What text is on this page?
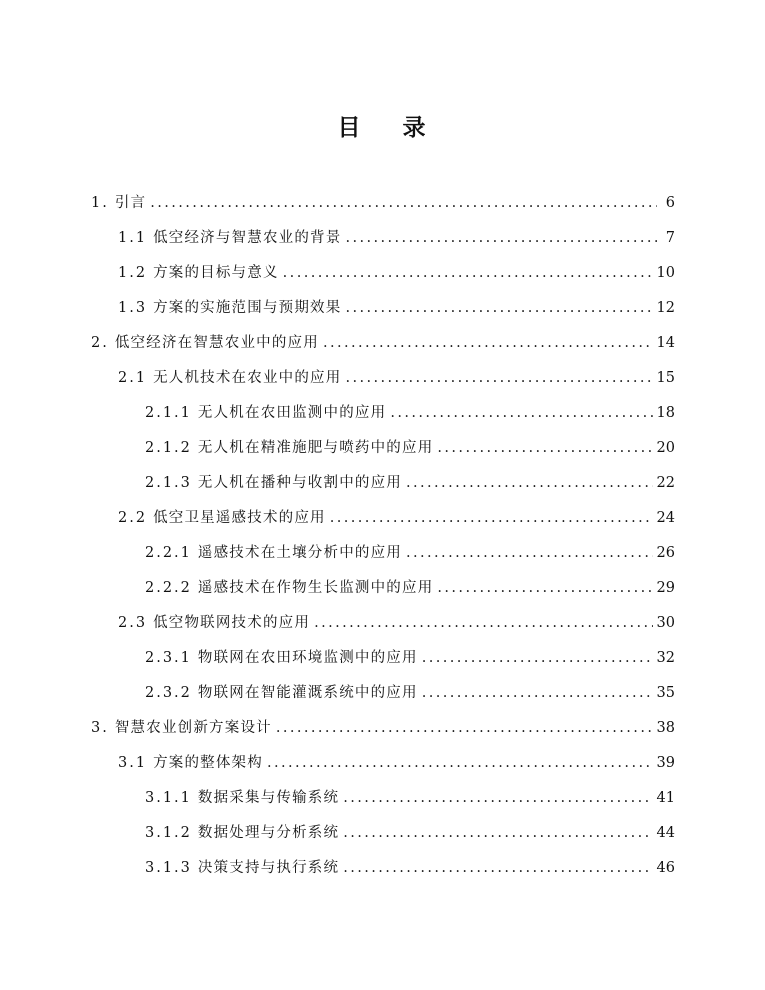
目 录
1. 引言 .....	6
1.1 低空经济与智慧农业的背景 .....	7
1.2 方案的目标与意义 .....	10
1.3 方案的实施范围与预期效果 .....	12
2. 低空经济在智慧农业中的应用 .....	14
2.1 无人机技术在农业中的应用 .....	15
2.1.1 无人机在农田监测中的应用 .....	18
2.1.2 无人机在精准施肥与喷药中的应用 .....	20
2.1.3 无人机在播种与收割中的应用 .....	22
2.2 低空卫星遥感技术的应用 .....	24
2.2.1 遥感技术在土壤分析中的应用 .....	26
2.2.2 遥感技术在作物生长监测中的应用 .....	29
2.3 低空物联网技术的应用 .....	30
2.3.1 物联网在农田环境监测中的应用 .....	32
2.3.2 物联网在智能灌溉系统中的应用 .....	35
3. 智慧农业创新方案设计 .....	38
3.1 方案的整体架构 .....	39
3.1.1 数据采集与传输系统 .....	41
3.1.2 数据处理与分析系统 .....	44
3.1.3 决策支持与执行系统 .....	46
